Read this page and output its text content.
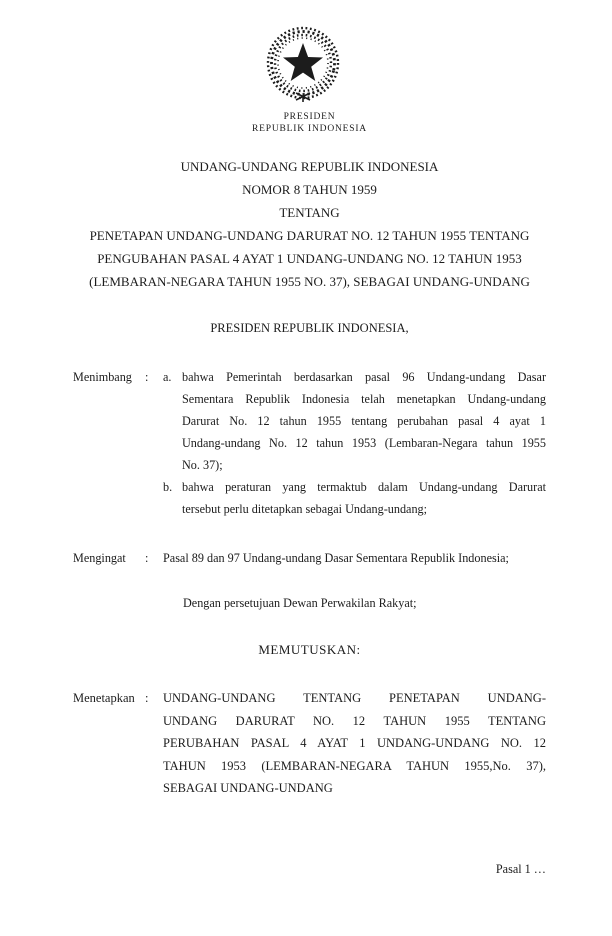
PRESIDEN
REPUBLIK INDONESIA
UNDANG-UNDANG REPUBLIK INDONESIA
NOMOR 8 TAHUN 1959
TENTANG
PENETAPAN UNDANG-UNDANG DARURAT NO. 12 TAHUN 1955 TENTANG
PENGUBAHAN PASAL 4 AYAT 1 UNDANG-UNDANG NO. 12 TAHUN 1953
(LEMBARAN-NEGARA TAHUN 1955 NO. 37), SEBAGAI UNDANG-UNDANG
PRESIDEN REPUBLIK INDONESIA,
Menimbang : a. bahwa Pemerintah berdasarkan pasal 96 Undang-undang Dasar
Sementara Republik Indonesia telah menetapkan Undang-undang
Darurat No. 12 tahun 1955 tentang perubahan pasal 4 ayat 1
Undang-undang No. 12 tahun 1953 (Lembaran-Negara tahun 1955
No. 37);
b. bahwa peraturan yang termaktub dalam Undang-undang Darurat
tersebut perlu ditetapkan sebagai Undang-undang;
Mengingat : Pasal 89 dan 97 Undang-undang Dasar Sementara Republik Indonesia;
Dengan persetujuan Dewan Perwakilan Rakyat;
MEMUTUSKAN:
Menetapkan : UNDANG-UNDANG TENTANG PENETAPAN UNDANG-
UNDANG DARURAT NO. 12 TAHUN 1955 TENTANG
PERUBAHAN PASAL 4 AYAT 1 UNDANG-UNDANG NO. 12
TAHUN 1953 (LEMBARAN-NEGARA TAHUN 1955,No. 37),
SEBAGAI UNDANG-UNDANG
Pasal 1 …
